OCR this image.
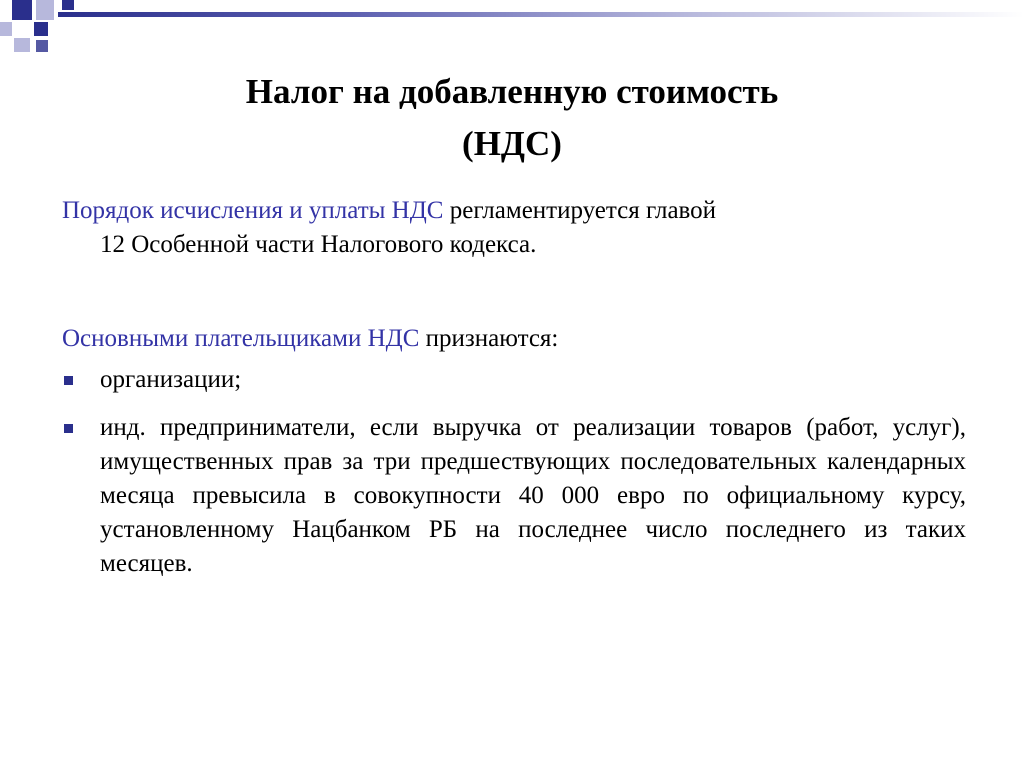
Налог на добавленную стоимость
(НДС)
Порядок исчисления и уплаты НДС регламентируется главой
12 Особенной части Налогового кодекса.
Основными плательщиками НДС признаются:
организации;
инд. предприниматели, если выручка от реализации товаров (работ, услуг), имущественных прав за три предшествующих последовательных календарных месяца превысила в совокупности 40 000 евро по официальному курсу, установленному Нацбанком РБ на последнее число последнего из таких месяцев.
